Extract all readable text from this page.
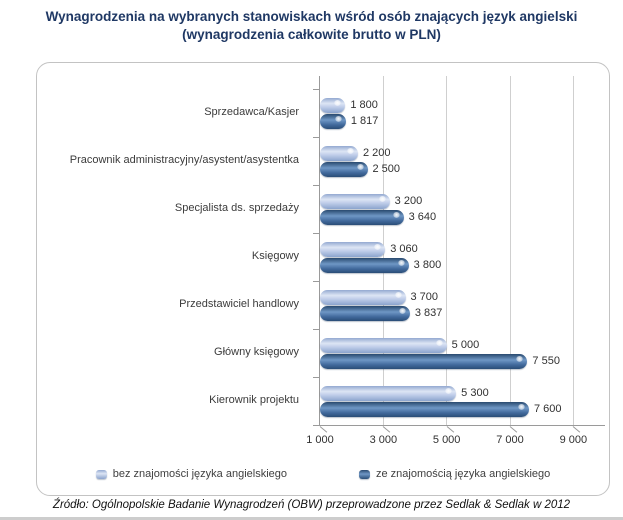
Wynagrodzenia na wybranych stanowiskach wśród osób znających język angielski
(wynagrodzenia całkowite brutto w PLN)
Sprzedawca/Kasjer
Pracownik administracyjny/asystent/asystentka
Specjalista ds. sprzedaży
Księgowy
Przedstawiciel handlowy
Główny księgowy
Kierownik projektu
1 800
1 817
2 200
2 500
3 200
3 640
3 060
3 800
3 700
3 837
5 000
7 550
5 300
7 600
1 000	3 000	5 000	7 000	9 000
bez znajomości języka angielskiego	ze znajomością języka angielskiego
Źródło: Ogólnopolskie Badanie Wynagrodzeń (OBW) przeprowadzone przez Sedlak & Sedlak w 2012
